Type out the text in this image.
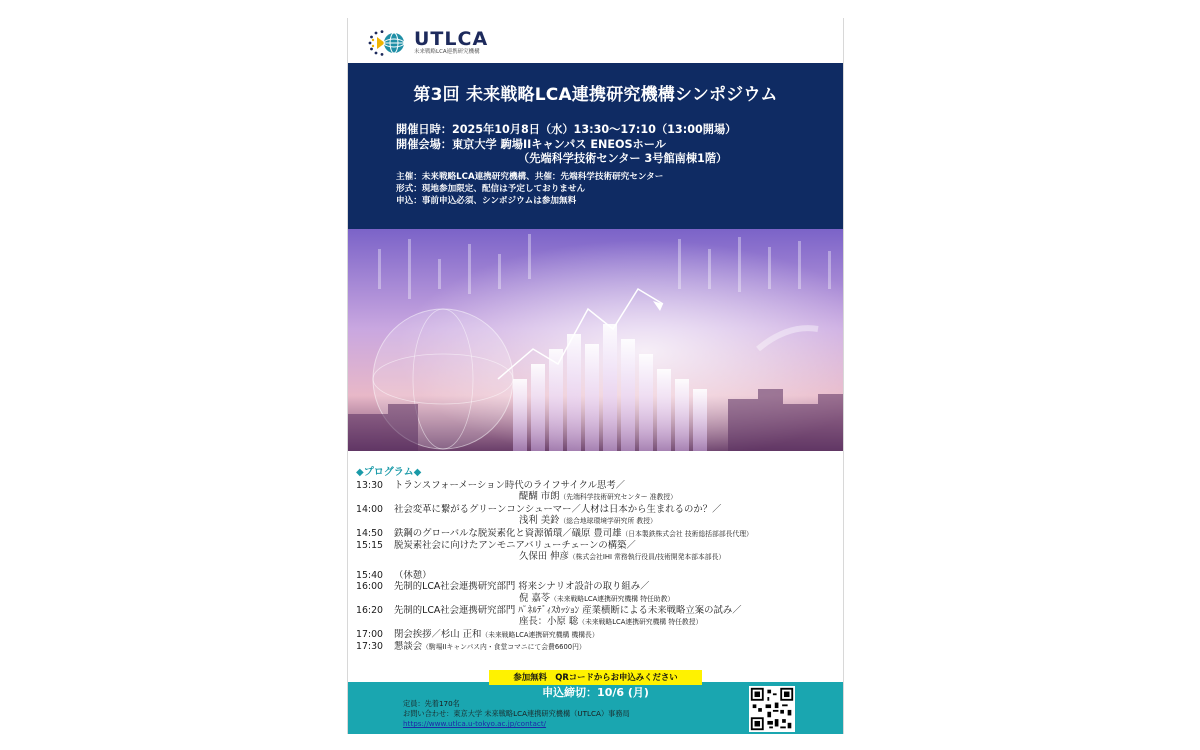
UTLCA
未来戦略LCA連携研究機構
第3回 未来戦略LCA連携研究機構シンポジウム
開催日時：2025年10月8日（水）13:30～17:10（13:00開場）
開催会場：東京大学 駒場IIキャンパス ENEOSホール
（先端科学技術センター 3号館南棟1階）
主催：未来戦略LCA連携研究機構、共催：先端科学技術研究センター
形式：現地参加限定、配信は予定しておりません
申込：事前申込必須、シンポジウムは参加無料
◆プログラム◆
13:30	トランスフォーメーション時代のライフサイクル思考／
醍醐 市朗（先端科学技術研究センター 准教授）
14:00	社会変革に繋がるグリーンコンシューマー／人材は日本から生まれるのか？／
浅利 美鈴（総合地球環境学研究所 教授）
14:50	鉄鋼のグローバルな脱炭素化と資源循環／礒原 豊司雄（日本製鉄株式会社 技術総括部部長代理）
15:15	脱炭素社会に向けたアンモニアバリューチェーンの構築／
久保田 伸彦（株式会社IHI 常務執行役員/技術開発本部本部長）
15:40	（休憩）
16:00	先制的LCA社会連携研究部門 将来シナリオ設計の取り組み／
倪 嘉苓（未来戦略LCA連携研究機構 特任助教）
16:20	先制的LCA社会連携研究部門 ﾊﾟﾈﾙﾃﾞｨｽｶｯｼｮﾝ 産業横断による未来戦略立案の試み／
座長：小原 聡（未来戦略LCA連携研究機構 特任教授）
17:00	閉会挨拶／杉山 正和（未来戦略LCA連携研究機構 機構長）
17:30	懇談会（駒場IIキャンパス内・食堂コマニにて会費6600円）
申込締切：10/6 (月)
定員：先着170名
お問い合わせ：東京大学 未来戦略LCA連携研究機構（UTLCA）事務局
https://www.utlca.u-tokyo.ac.jp/contact/
参加無料　QRコードからお申込みください
